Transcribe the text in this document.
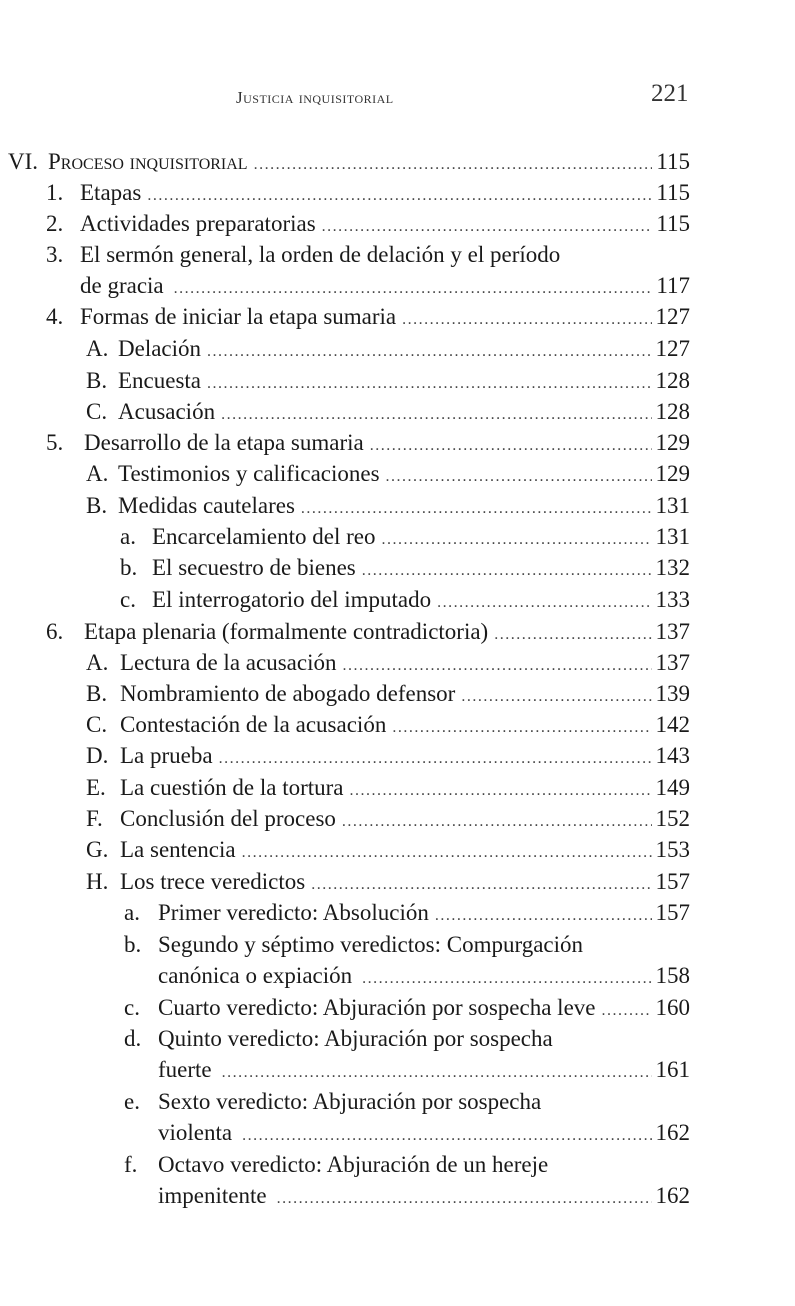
Justicia inquisitorial	221
VI. Proceso inquisitorial .....	115
1. Etapas .....	115
2. Actividades preparatorias .....	115
3. El sermón general, la orden de delación y el período
de gracia .....	117
4. Formas de iniciar la etapa sumaria .....	127
A. Delación .....	127
B. Encuesta .....	128
C. Acusación .....	128
5. Desarrollo de la etapa sumaria .....	129
A. Testimonios y calificaciones .....	129
B. Medidas cautelares .....	131
a. Encarcelamiento del reo .....	131
b. El secuestro de bienes .....	132
c. El interrogatorio del imputado .....	133
6. Etapa plenaria (formalmente contradictoria) .....	137
A. Lectura de la acusación .....	137
B. Nombramiento de abogado defensor .....	139
C. Contestación de la acusación .....	142
D. La prueba .....	143
E. La cuestión de la tortura .....	149
F. Conclusión del proceso .....	152
G. La sentencia .....	153
H. Los trece veredictos .....	157
a. Primer veredicto: Absolución .....	157
b. Segundo y séptimo veredictos: Compurgación
canónica o expiación .....	158
c. Cuarto veredicto: Abjuración por sospecha leve .....	160
d. Quinto veredicto: Abjuración por sospecha
fuerte .....	161
e. Sexto veredicto: Abjuración por sospecha
violenta .....	162
f. Octavo veredicto: Abjuración de un hereje
impenitente .....	162
